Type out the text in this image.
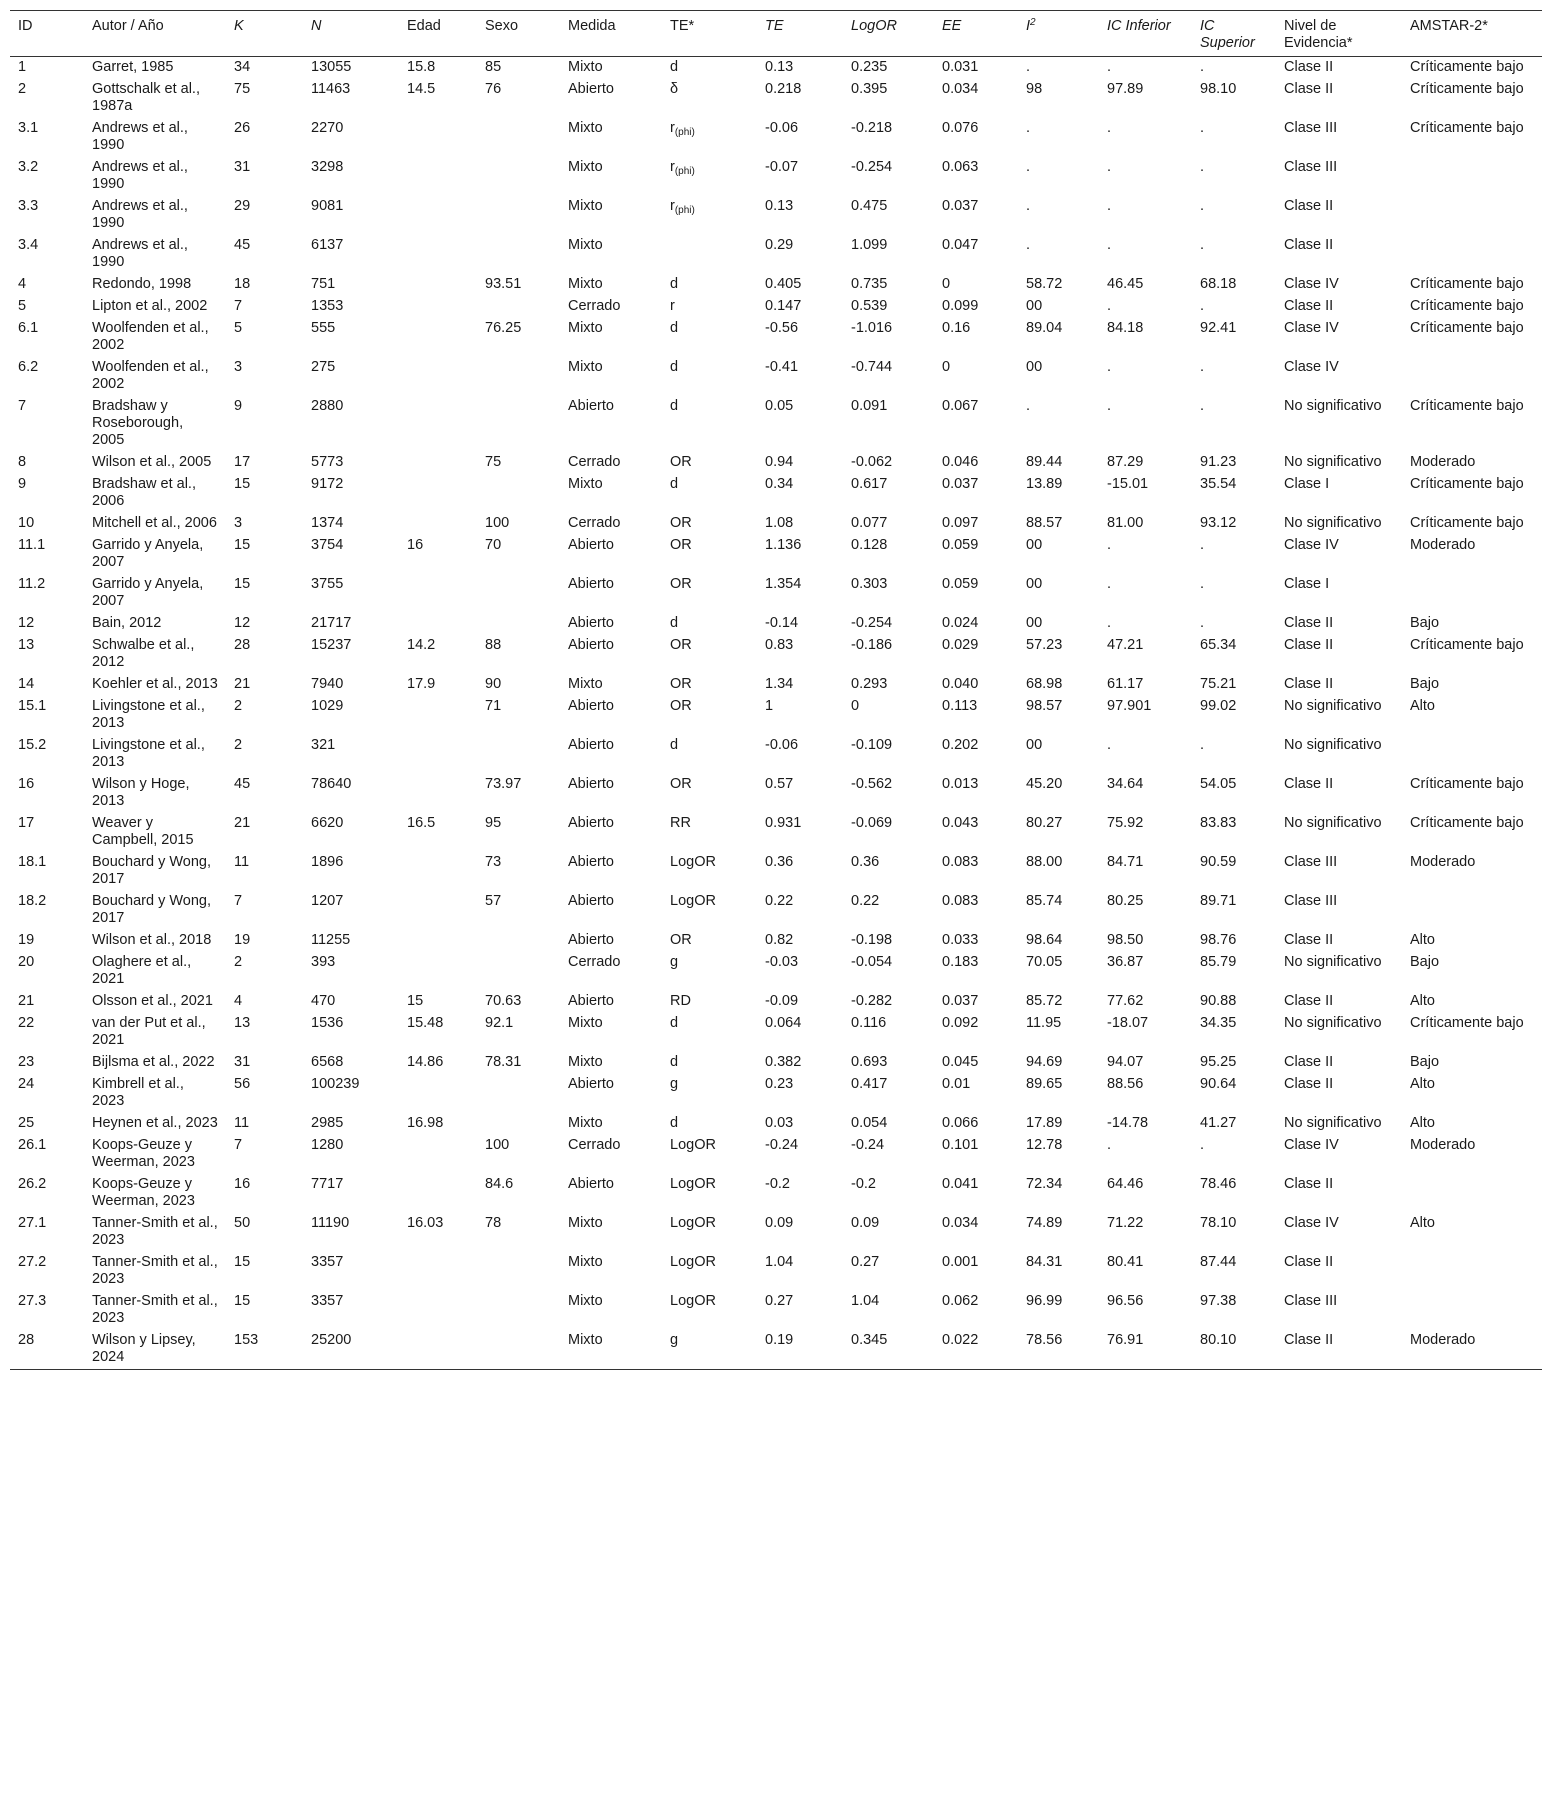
ID	Autor / Año	K	N	Edad	Sexo	Medida	TE*	TE	LogOR	EE	$I^2$	IC Inferior	IC Superior	Nivel de Evidencia*	AMSTAR-2*
1	Garret, 1985	34	13055	15.8	85	Mixto	d	0.13	0.235	0.031	.	.	.	Clase II	Críticamente bajo
2	Gottschalk et al., 1987a	75	11463	14.5	76	Abierto	δ	0.218	0.395	0.034	98	97.89	98.10	Clase II	Críticamente bajo
3.1	Andrews et al., 1990	26	2270			Mixto	$r_{(phi)}$	-0.06	-0.218	0.076	.	.	.	Clase III	Críticamente bajo
3.2	Andrews et al., 1990	31	3298			Mixto	$r_{(phi)}$	-0.07	-0.254	0.063	.	.	.	Clase III	
3.3	Andrews et al., 1990	29	9081			Mixto	$r_{(phi)}$	0.13	0.475	0.037	.	.	.	Clase II	
3.4	Andrews et al., 1990	45	6137			Mixto		0.29	1.099	0.047	.	.	.	Clase II	
4	Redondo, 1998	18	751		93.51	Mixto	d	0.405	0.735	0	58.72	46.45	68.18	Clase IV	Críticamente bajo
5	Lipton et al., 2002	7	1353			Cerrado	r	0.147	0.539	0.099	00	.	.	Clase II	Críticamente bajo
6.1	Woolfenden et al., 2002	5	555		76.25	Mixto	d	-0.56	-1.016	0.16	89.04	84.18	92.41	Clase IV	Críticamente bajo
6.2	Woolfenden et al., 2002	3	275			Mixto	d	-0.41	-0.744	0	00	.	.	Clase IV	
7	Bradshaw y Roseborough, 2005	9	2880			Abierto	d	0.05	0.091	0.067	.	.	.	No significativo	Críticamente bajo
8	Wilson et al., 2005	17	5773		75	Cerrado	OR	0.94	-0.062	0.046	89.44	87.29	91.23	No significativo	Moderado
9	Bradshaw et al., 2006	15	9172			Mixto	d	0.34	0.617	0.037	13.89	-15.01	35.54	Clase I	Críticamente bajo
10	Mitchell et al., 2006	3	1374		100	Cerrado	OR	1.08	0.077	0.097	88.57	81.00	93.12	No significativo	Críticamente bajo
11.1	Garrido y Anyela, 2007	15	3754	16	70	Abierto	OR	1.136	0.128	0.059	00	.	.	Clase IV	Moderado
11.2	Garrido y Anyela, 2007	15	3755			Abierto	OR	1.354	0.303	0.059	00	.	.	Clase I	
12	Bain, 2012	12	21717			Abierto	d	-0.14	-0.254	0.024	00	.	.	Clase II	Bajo
13	Schwalbe et al., 2012	28	15237	14.2	88	Abierto	OR	0.83	-0.186	0.029	57.23	47.21	65.34	Clase II	Críticamente bajo
14	Koehler et al., 2013	21	7940	17.9	90	Mixto	OR	1.34	0.293	0.040	68.98	61.17	75.21	Clase II	Bajo
15.1	Livingstone et al., 2013	2	1029		71	Abierto	OR	1	0	0.113	98.57	97.901	99.02	No significativo	Alto
15.2	Livingstone et al., 2013	2	321			Abierto	d	-0.06	-0.109	0.202	00	.	.	No significativo	
16	Wilson y Hoge, 2013	45	78640		73.97	Abierto	OR	0.57	-0.562	0.013	45.20	34.64	54.05	Clase II	Críticamente bajo
17	Weaver y Campbell, 2015	21	6620	16.5	95	Abierto	RR	0.931	-0.069	0.043	80.27	75.92	83.83	No significativo	Críticamente bajo
18.1	Bouchard y Wong, 2017	11	1896		73	Abierto	LogOR	0.36	0.36	0.083	88.00	84.71	90.59	Clase III	Moderado
18.2	Bouchard y Wong, 2017	7	1207		57	Abierto	LogOR	0.22	0.22	0.083	85.74	80.25	89.71	Clase III	
19	Wilson et al., 2018	19	11255			Abierto	OR	0.82	-0.198	0.033	98.64	98.50	98.76	Clase II	Alto
20	Olaghere et al., 2021	2	393			Cerrado	g	-0.03	-0.054	0.183	70.05	36.87	85.79	No significativo	Bajo
21	Olsson et al., 2021	4	470	15	70.63	Abierto	RD	-0.09	-0.282	0.037	85.72	77.62	90.88	Clase II	Alto
22	van der Put et al., 2021	13	1536	15.48	92.1	Mixto	d	0.064	0.116	0.092	11.95	-18.07	34.35	No significativo	Críticamente bajo
23	Bijlsma et al., 2022	31	6568	14.86	78.31	Mixto	d	0.382	0.693	0.045	94.69	94.07	95.25	Clase II	Bajo
24	Kimbrell et al., 2023	56	100239			Abierto	g	0.23	0.417	0.01	89.65	88.56	90.64	Clase II	Alto
25	Heynen et al., 2023	11	2985	16.98		Mixto	d	0.03	0.054	0.066	17.89	-14.78	41.27	No significativo	Alto
26.1	Koops-Geuze y Weerman, 2023	7	1280		100	Cerrado	LogOR	-0.24	-0.24	0.101	12.78	.	.	Clase IV	Moderado
26.2	Koops-Geuze y Weerman, 2023	16	7717		84.6	Abierto	LogOR	-0.2	-0.2	0.041	72.34	64.46	78.46	Clase II	
27.1	Tanner-Smith et al., 2023	50	11190	16.03	78	Mixto	LogOR	0.09	0.09	0.034	74.89	71.22	78.10	Clase IV	Alto
27.2	Tanner-Smith et al., 2023	15	3357			Mixto	LogOR	1.04	0.27	0.001	84.31	80.41	87.44	Clase II	
27.3	Tanner-Smith et al., 2023	15	3357			Mixto	LogOR	0.27	1.04	0.062	96.99	96.56	97.38	Clase III	
28	Wilson y Lipsey, 2024	153	25200			Mixto	g	0.19	0.345	0.022	78.56	76.91	80.10	Clase II	Moderado
